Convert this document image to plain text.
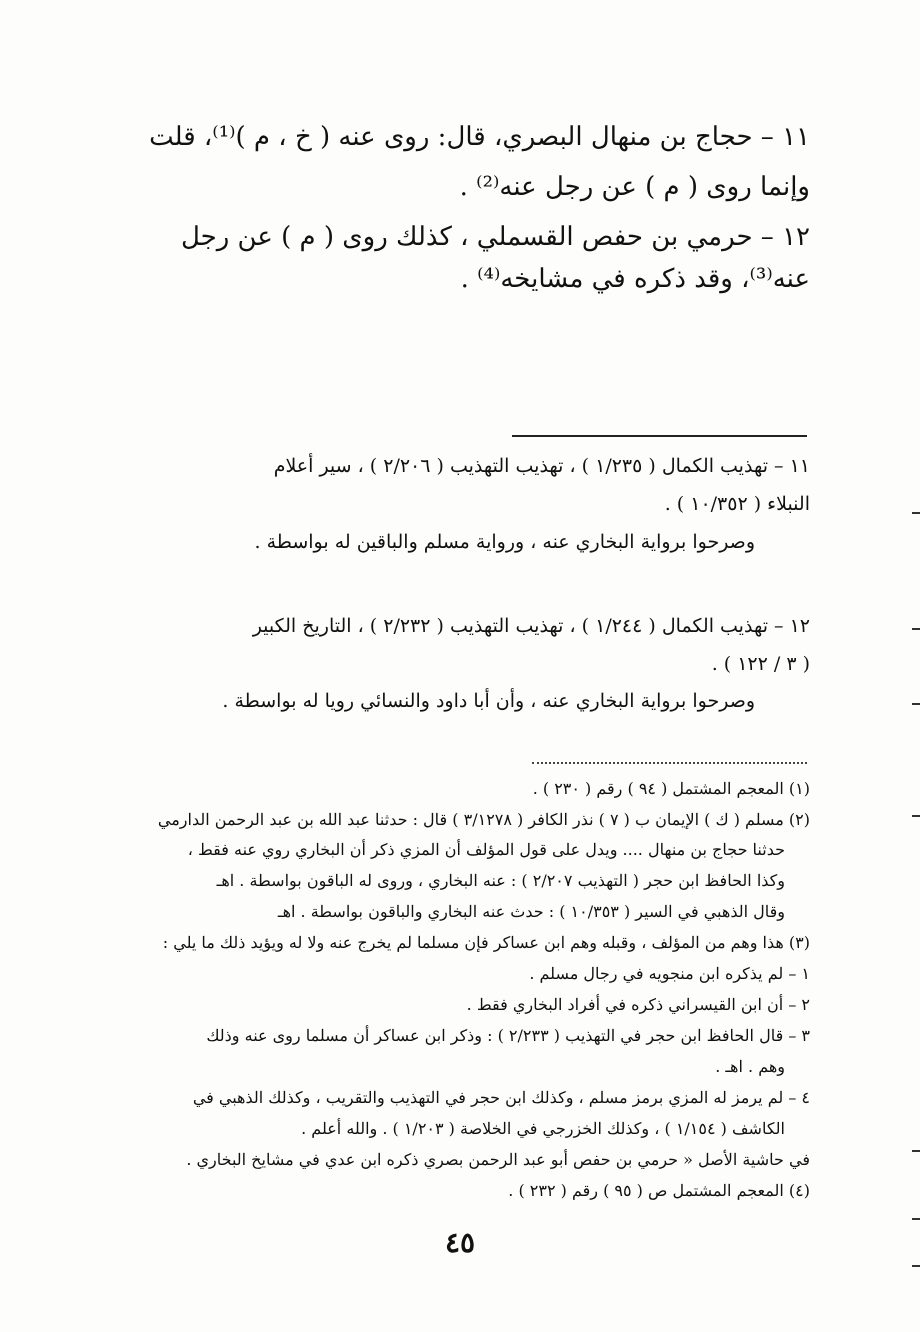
١١ – حجاج بن منهال البصري، قال: روى عنه ( خ ، م )⁽¹⁾، قلت
وإنما روى ( م ) عن رجل عنه⁽²⁾ .
١٢ – حرمي بن حفص القسملي ، كذلك روى ( م ) عن رجل
عنه⁽³⁾، وقد ذكره في مشايخه⁽⁴⁾ .
١١ – تهذيب الكمال ( ١/٢٣٥ ) ، تهذيب التهذيب ( ٢/٢٠٦ ) ، سير أعلام
النبلاء ( ١٠/٣٥٢ ) .
وصرحوا برواية البخاري عنه ، ورواية مسلم والباقين له بواسطة .
١٢ – تهذيب الكمال ( ١/٢٤٤ ) ، تهذيب التهذيب ( ٢/٢٣٢ ) ، التاريخ الكبير
( ٣ / ١٢٢ ) .
وصرحوا برواية البخاري عنه ، وأن أبا داود والنسائي رويا له بواسطة .
(١) المعجم المشتمل ( ٩٤ ) رقم ( ٢٣٠ ) .
(٢) مسلم ( ك ) الإيمان ب ( ٧ ) نذر الكافر ( ٣/١٢٧٨ ) قال : حدثنا عبد الله بن عبد الرحمن الدارمي
حدثنا حجاج بن منهال .... ويدل على قول المؤلف أن المزي ذكر أن البخاري روي عنه فقط ،
وكذا الحافظ ابن حجر ( التهذيب ٢/٢٠٧ ) : عنه البخاري ، وروى له الباقون بواسطة . اهـ
وقال الذهبي في السير ( ١٠/٣٥٣ ) : حدث عنه البخاري والباقون بواسطة . اهـ
(٣) هذا وهم من المؤلف ، وقبله وهم ابن عساكر فإن مسلما لم يخرج عنه ولا له ويؤيد ذلك ما يلي :
١ – لم يذكره ابن منجويه في رجال مسلم .
٢ – أن ابن القيسراني ذكره في أفراد البخاري فقط .
٣ – قال الحافظ ابن حجر في التهذيب ( ٢/٢٣٣ ) : وذكر ابن عساكر أن مسلما روى عنه وذلك
وهم . اهـ .
٤ – لم يرمز له المزي برمز مسلم ، وكذلك ابن حجر في التهذيب والتقريب ، وكذلك الذهبي في
الكاشف ( ١/١٥٤ ) ، وكذلك الخزرجي في الخلاصة ( ١/٢٠٣ ) . والله أعلم .
في حاشية الأصل « حرمي بن حفص أبو عبد الرحمن بصري ذكره ابن عدي في مشايخ البخاري .
(٤) المعجم المشتمل ص ( ٩٥ ) رقم ( ٢٣٢ ) .
٤٥
